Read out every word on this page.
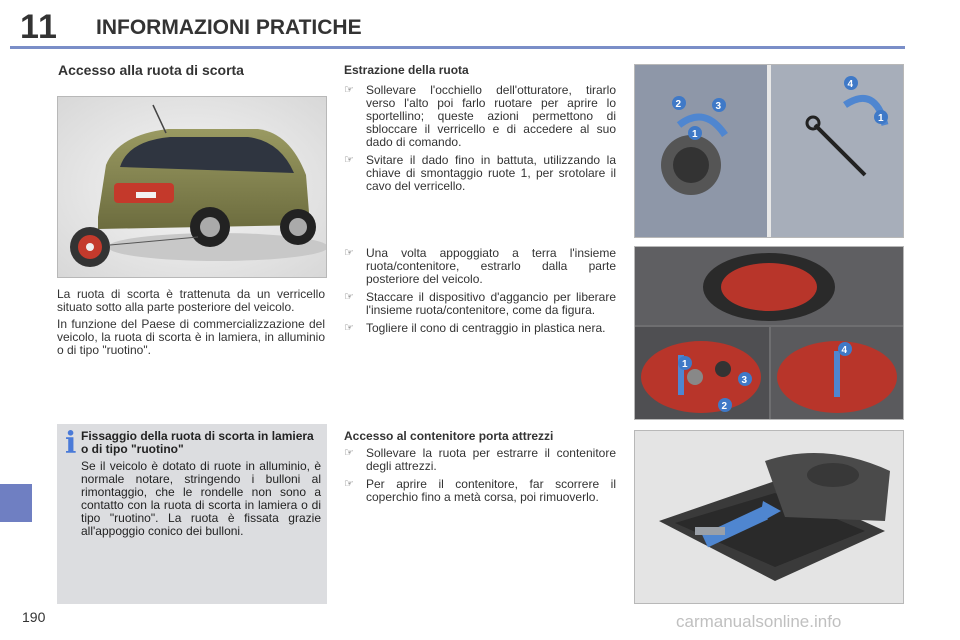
11 INFORMAZIONI PRATICHE
190
Accesso alla ruota di scorta

La ruota di scorta è trattenuta da un verricello situato sotto alla parte posteriore del veicolo.

In funzione del Paese di commercializzazione del veicolo, la ruota di scorta è in lamiera, in alluminio o di tipo "ruotino".

i Fissaggio della ruota di scorta in lamiera o di tipo "ruotino"
Se il veicolo è dotato di ruote in alluminio, è normale notare, stringendo i bulloni al rimontaggio, che le rondelle non sono a contatto con la ruota di scorta in lamiera o di tipo "ruotino". La ruota è fissata grazie all'appoggio conico dei bulloni.
Estrazione della ruota
☞	Sollevare l'occhiello dell'otturatore, tirarlo verso l'alto poi farlo ruotare per aprire lo sportellino; queste azioni permettono di sbloccare il verricello e di accedere al suo dado di comando.
☞	Svitare il dado fino in battuta, utilizzando la chiave di smontaggio ruote 1, per srotolare il cavo del verricello.
☞	Una volta appoggiato a terra l'insieme ruota/contenitore, estrarlo dalla parte posteriore del veicolo.
☞	Staccare il dispositivo d'aggancio per liberare l'insieme ruota/contenitore, come da figura.
☞	Togliere il cono di centraggio in plastica nera.
Accesso al contenitore porta attrezzi
☞	Sollevare la ruota per estrarre il contenitore degli attrezzi.
☞	Per aprire il contenitore, far scorrere il coperchio fino a metà corsa, poi rimuoverlo.
2	3
1
4
1
1
2
3
4
carmanualsonline.info
